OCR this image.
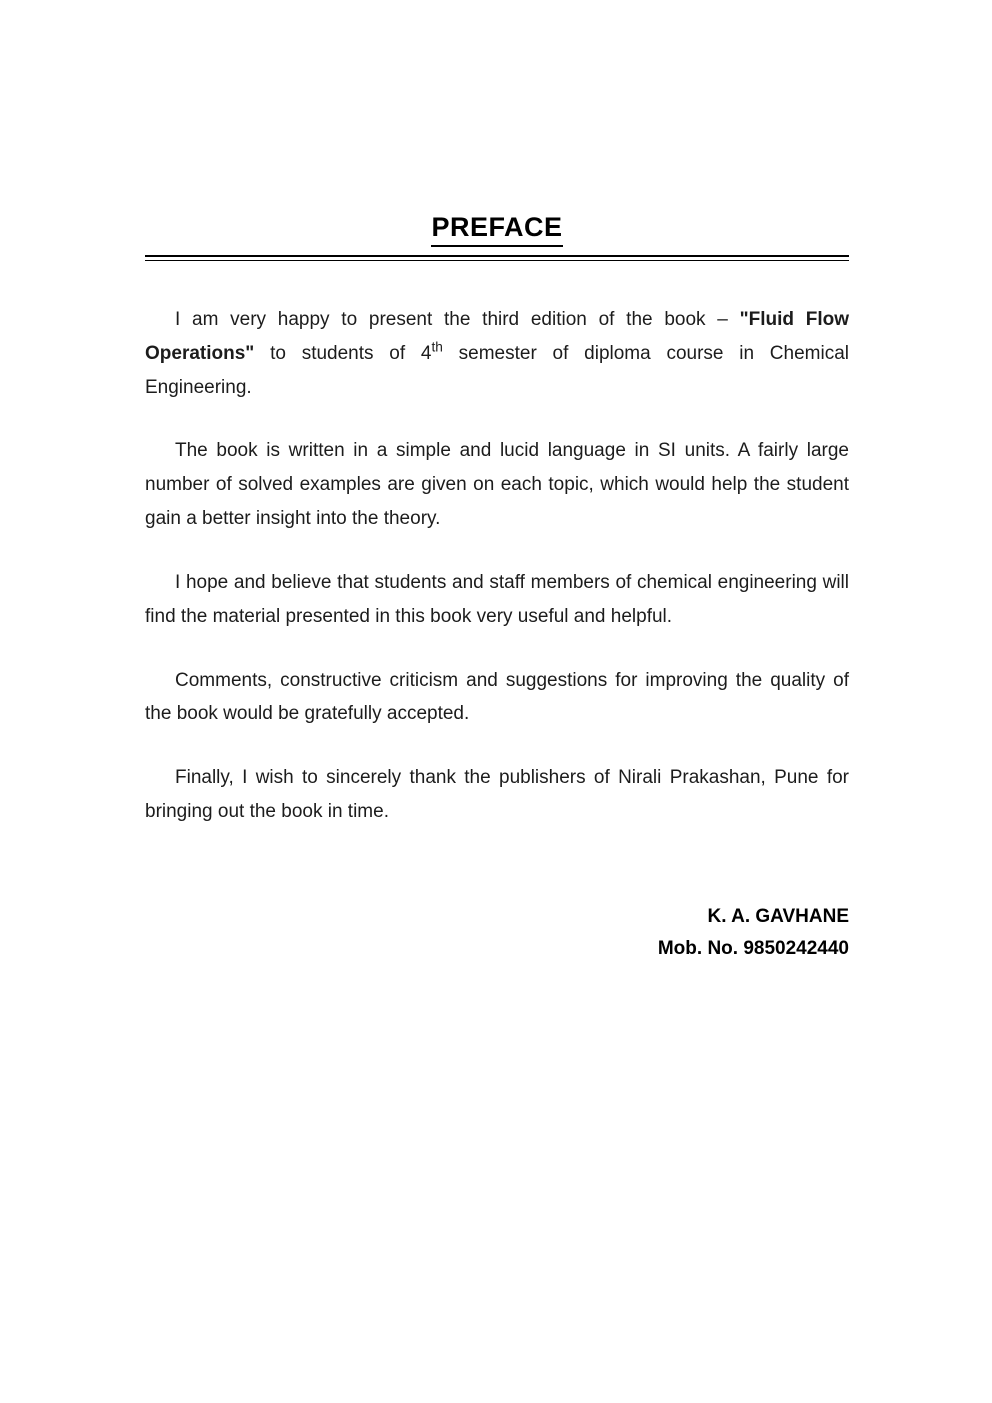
PREFACE

I am very happy to present the third edition of the book – "Fluid Flow Operations" to students of 4th semester of diploma course in Chemical Engineering.

The book is written in a simple and lucid language in SI units. A fairly large number of solved examples are given on each topic, which would help the student gain a better insight into the theory.

I hope and believe that students and staff members of chemical engineering will find the material presented in this book very useful and helpful.

Comments, constructive criticism and suggestions for improving the quality of the book would be gratefully accepted.

Finally, I wish to sincerely thank the publishers of Nirali Prakashan, Pune for bringing out the book in time.

K. A. GAVHANE
Mob. No. 9850242440
